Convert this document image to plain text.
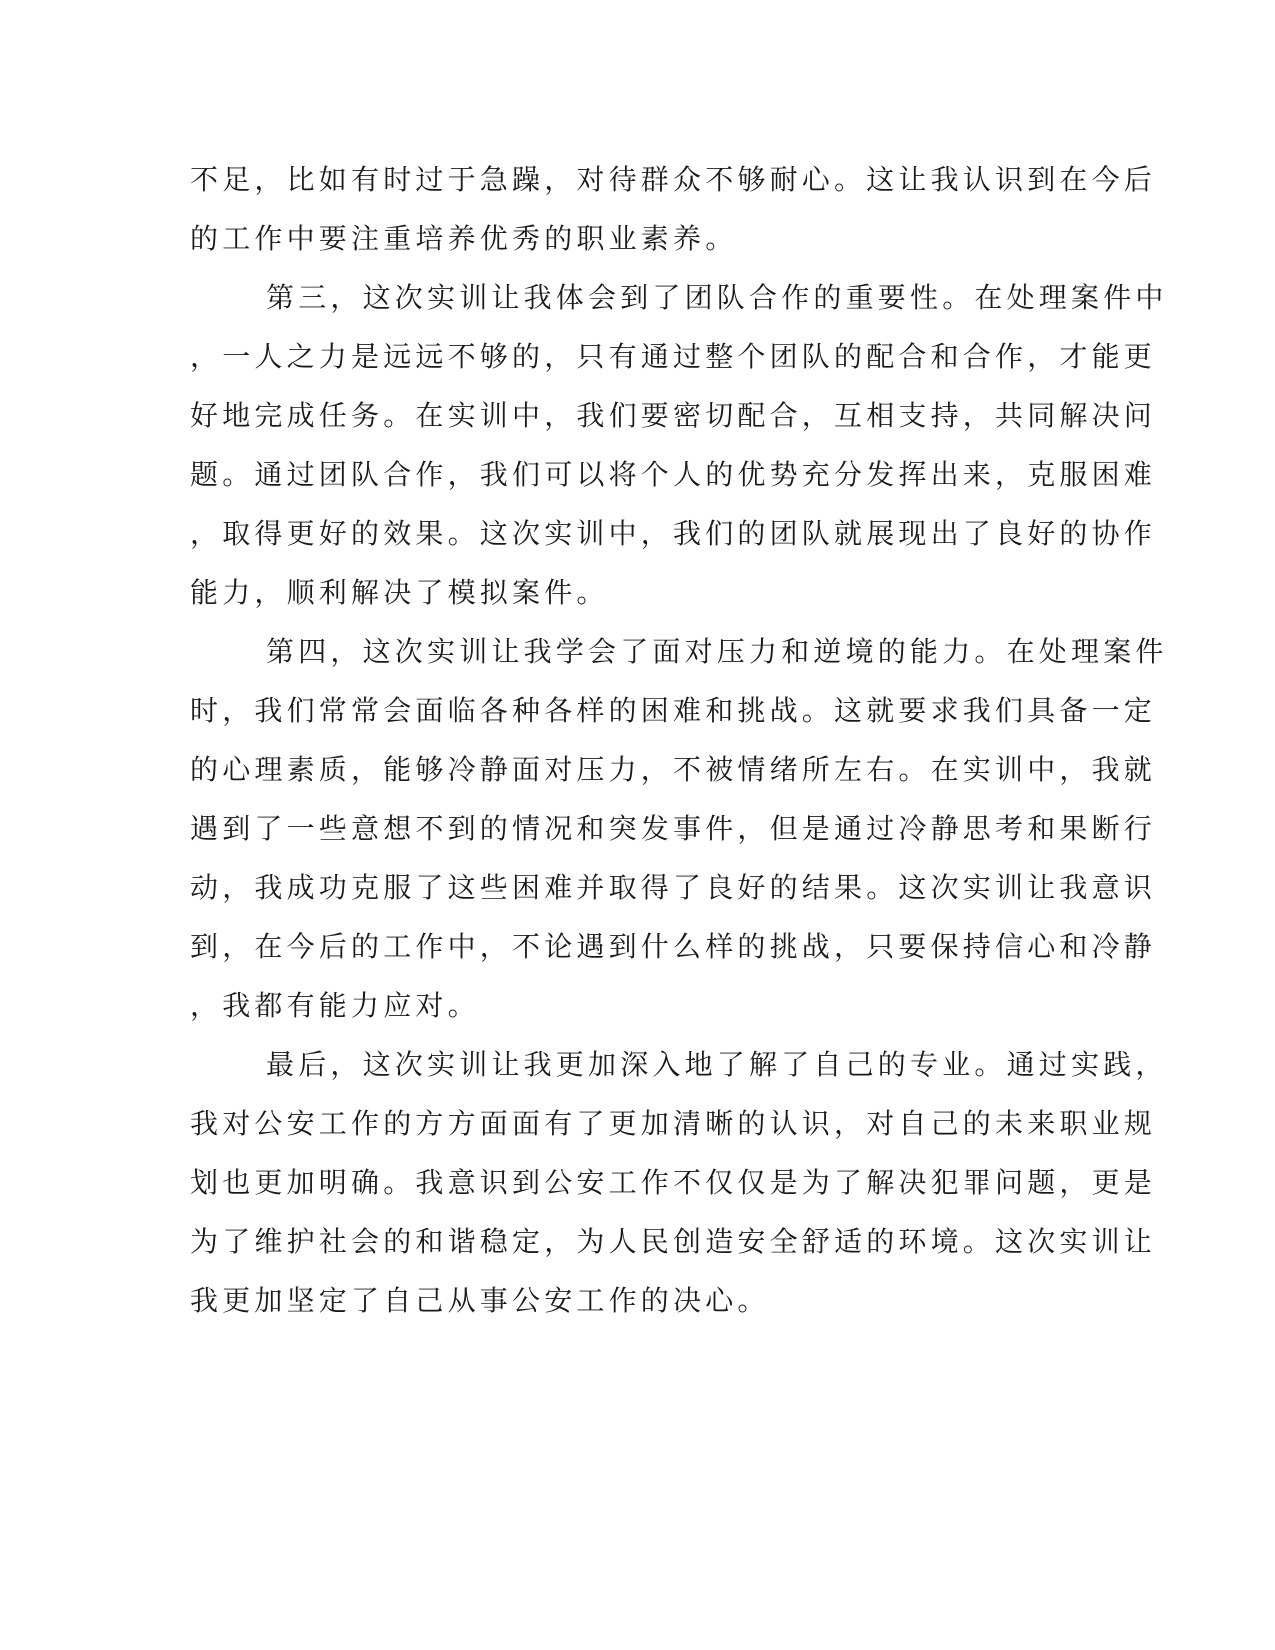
不足，比如有时过于急躁，对待群众不够耐心。这让我认识到在今后
的工作中要注重培养优秀的职业素养。
第三，这次实训让我体会到了团队合作的重要性。在处理案件中
，一人之力是远远不够的，只有通过整个团队的配合和合作，才能更
好地完成任务。在实训中，我们要密切配合，互相支持，共同解决问
题。通过团队合作，我们可以将个人的优势充分发挥出来，克服困难
，取得更好的效果。这次实训中，我们的团队就展现出了良好的协作
能力，顺利解决了模拟案件。
第四，这次实训让我学会了面对压力和逆境的能力。在处理案件
时，我们常常会面临各种各样的困难和挑战。这就要求我们具备一定
的心理素质，能够冷静面对压力，不被情绪所左右。在实训中，我就
遇到了一些意想不到的情况和突发事件，但是通过冷静思考和果断行
动，我成功克服了这些困难并取得了良好的结果。这次实训让我意识
到，在今后的工作中，不论遇到什么样的挑战，只要保持信心和冷静
，我都有能力应对。
最后，这次实训让我更加深入地了解了自己的专业。通过实践，
我对公安工作的方方面面有了更加清晰的认识，对自己的未来职业规
划也更加明确。我意识到公安工作不仅仅是为了解决犯罪问题，更是
为了维护社会的和谐稳定，为人民创造安全舒适的环境。这次实训让
我更加坚定了自己从事公安工作的决心。
